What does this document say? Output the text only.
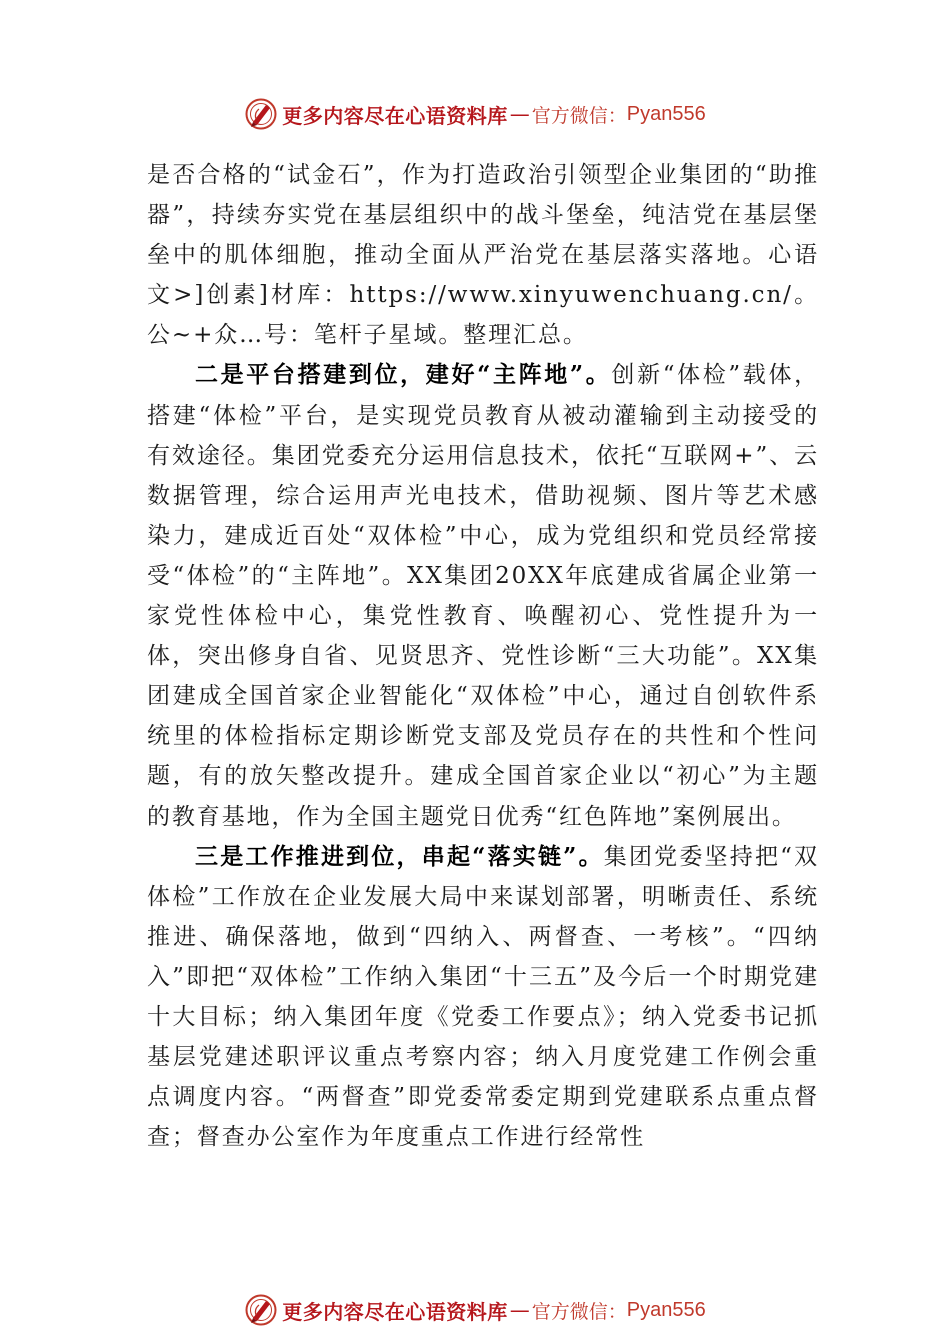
更多内容尽在心语资料库 — 官方微信： Pyan556

是否合格的“试金石”，作为打造政治引领型企业集团的“助推器”，持续夯实党在基层组织中的战斗堡垒，纯洁党在基层堡垒中的肌体细胞，推动全面从严治党在基层落实落地。心语文>]创素]材库：https://www.xinyuwenchuang.cn/。公~+众…号：笔杆子星域。整理汇总。

二是平台搭建到位，建好“主阵地”。创新“体检”载体，搭建“体检”平台，是实现党员教育从被动灌输到主动接受的有效途径。集团党委充分运用信息技术，依托“互联网+”、云数据管理，综合运用声光电技术，借助视频、图片等艺术感染力，建成近百处“双体检”中心，成为党组织和党员经常接受“体检”的“主阵地”。XX集团20XX年底建成省属企业第一家党性体检中心，集党性教育、唤醒初心、党性提升为一体，突出修身自省、见贤思齐、党性诊断“三大功能”。XX集团建成全国首家企业智能化“双体检”中心，通过自创软件系统里的体检指标定期诊断党支部及党员存在的共性和个性问题，有的放矢整改提升。建成全国首家企业以“初心”为主题的教育基地，作为全国主题党日优秀“红色阵地”案例展出。

三是工作推进到位，串起“落实链”。集团党委坚持把“双体检”工作放在企业发展大局中来谋划部署，明晰责任、系统推进、确保落地，做到“四纳入、两督查、一考核”。“四纳入”即把“双体检”工作纳入集团“十三五”及今后一个时期党建十大目标；纳入集团年度《党委工作要点》；纳入党委书记抓基层党建述职评议重点考察内容；纳入月度党建工作例会重点调度内容。“两督查”即党委常委定期到党建联系点重点督查；督查办公室作为年度重点工作进行经常性

更多内容尽在心语资料库 — 官方微信： Pyan556
